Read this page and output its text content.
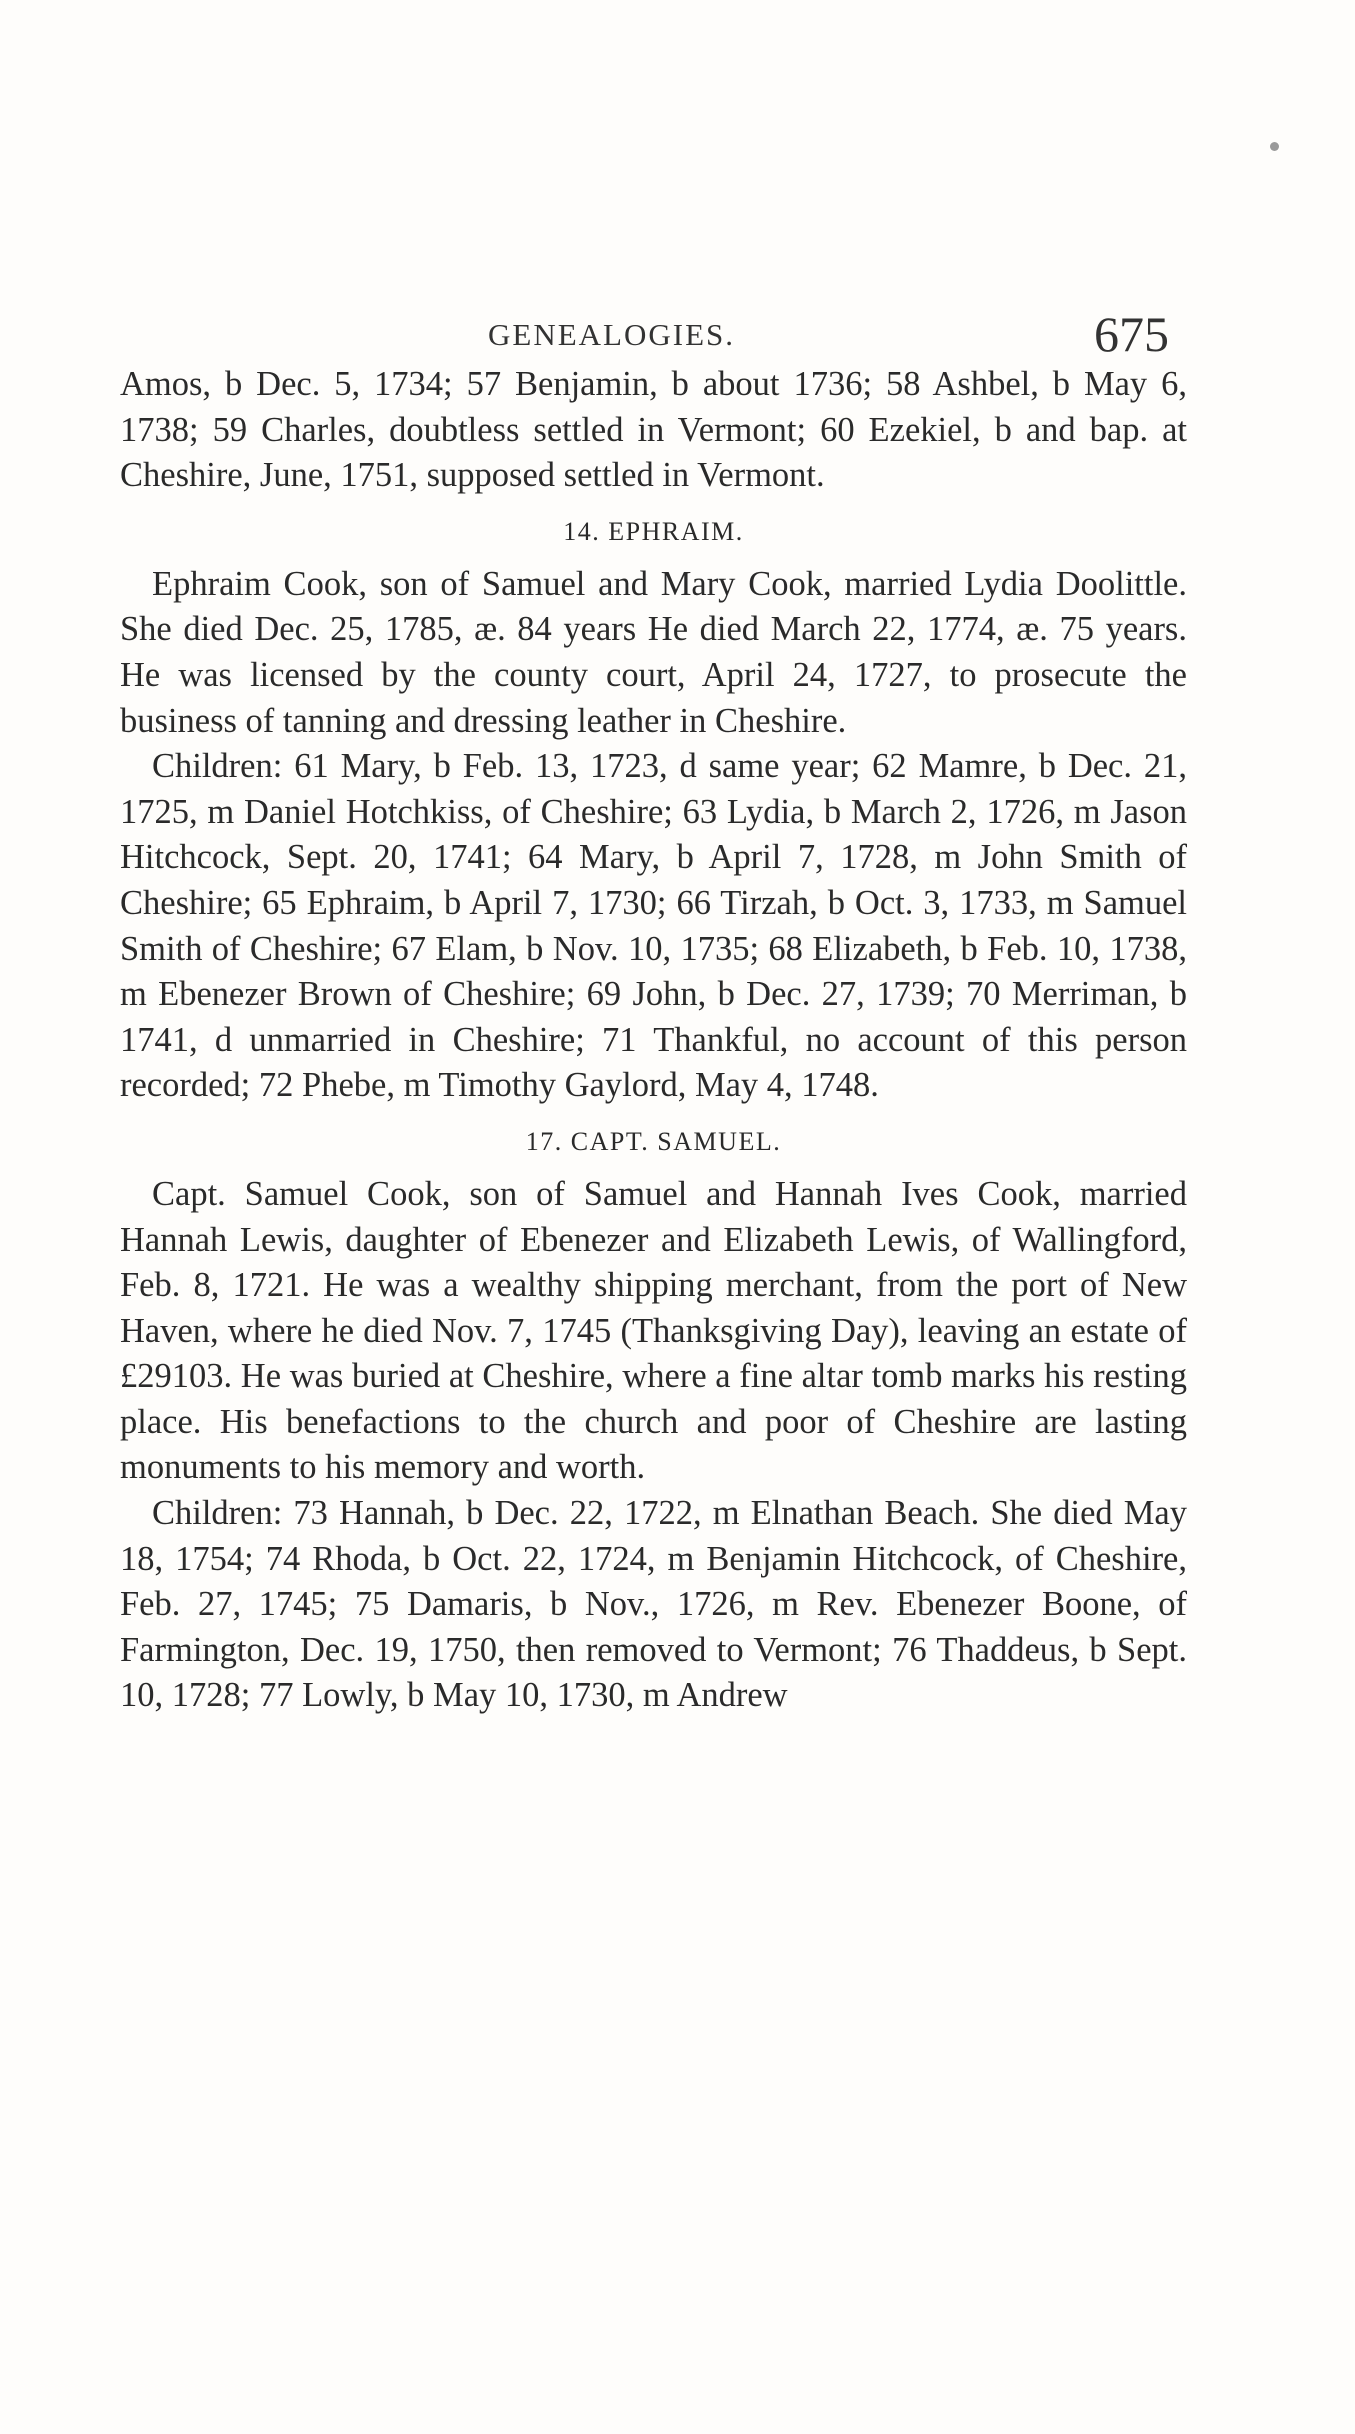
GENEALOGIES.	675

Amos, b Dec. 5, 1734; 57 Benjamin, b about 1736; 58 Ashbel, b May 6, 1738; 59 Charles, doubtless settled in Vermont; 60 Ezekiel, b and bap. at Cheshire, June, 1751, supposed settled in Vermont.

14. EPHRAIM.

Ephraim Cook, son of Samuel and Mary Cook, married Lydia Doolittle. She died Dec. 25, 1785, æ. 84 years He died March 22, 1774, æ. 75 years. He was licensed by the county court, April 24, 1727, to prosecute the business of tanning and dressing leather in Cheshire.

Children: 61 Mary, b Feb. 13, 1723, d same year; 62 Mamre, b Dec. 21, 1725, m Daniel Hotchkiss, of Cheshire; 63 Lydia, b March 2, 1726, m Jason Hitchcock, Sept. 20, 1741; 64 Mary, b April 7, 1728, m John Smith of Cheshire; 65 Ephraim, b April 7, 1730; 66 Tirzah, b Oct. 3, 1733, m Samuel Smith of Cheshire; 67 Elam, b Nov. 10, 1735; 68 Elizabeth, b Feb. 10, 1738, m Ebenezer Brown of Cheshire; 69 John, b Dec. 27, 1739; 70 Merriman, b 1741, d unmarried in Cheshire; 71 Thankful, no account of this person recorded; 72 Phebe, m Timothy Gaylord, May 4, 1748.

17. CAPT. SAMUEL.

Capt. Samuel Cook, son of Samuel and Hannah Ives Cook, married Hannah Lewis, daughter of Ebenezer and Elizabeth Lewis, of Wallingford, Feb. 8, 1721. He was a wealthy shipping merchant, from the port of New Haven, where he died Nov. 7, 1745 (Thanksgiving Day), leaving an estate of £29103. He was buried at Cheshire, where a fine altar tomb marks his resting place. His benefactions to the church and poor of Cheshire are lasting monuments to his memory and worth.

Children: 73 Hannah, b Dec. 22, 1722, m Elnathan Beach. She died May 18, 1754; 74 Rhoda, b Oct. 22, 1724, m Benjamin Hitchcock, of Cheshire, Feb. 27, 1745; 75 Damaris, b Nov., 1726, m Rev. Ebenezer Boone, of Farmington, Dec. 19, 1750, then removed to Vermont; 76 Thaddeus, b Sept. 10, 1728; 77 Lowly, b May 10, 1730, m Andrew
